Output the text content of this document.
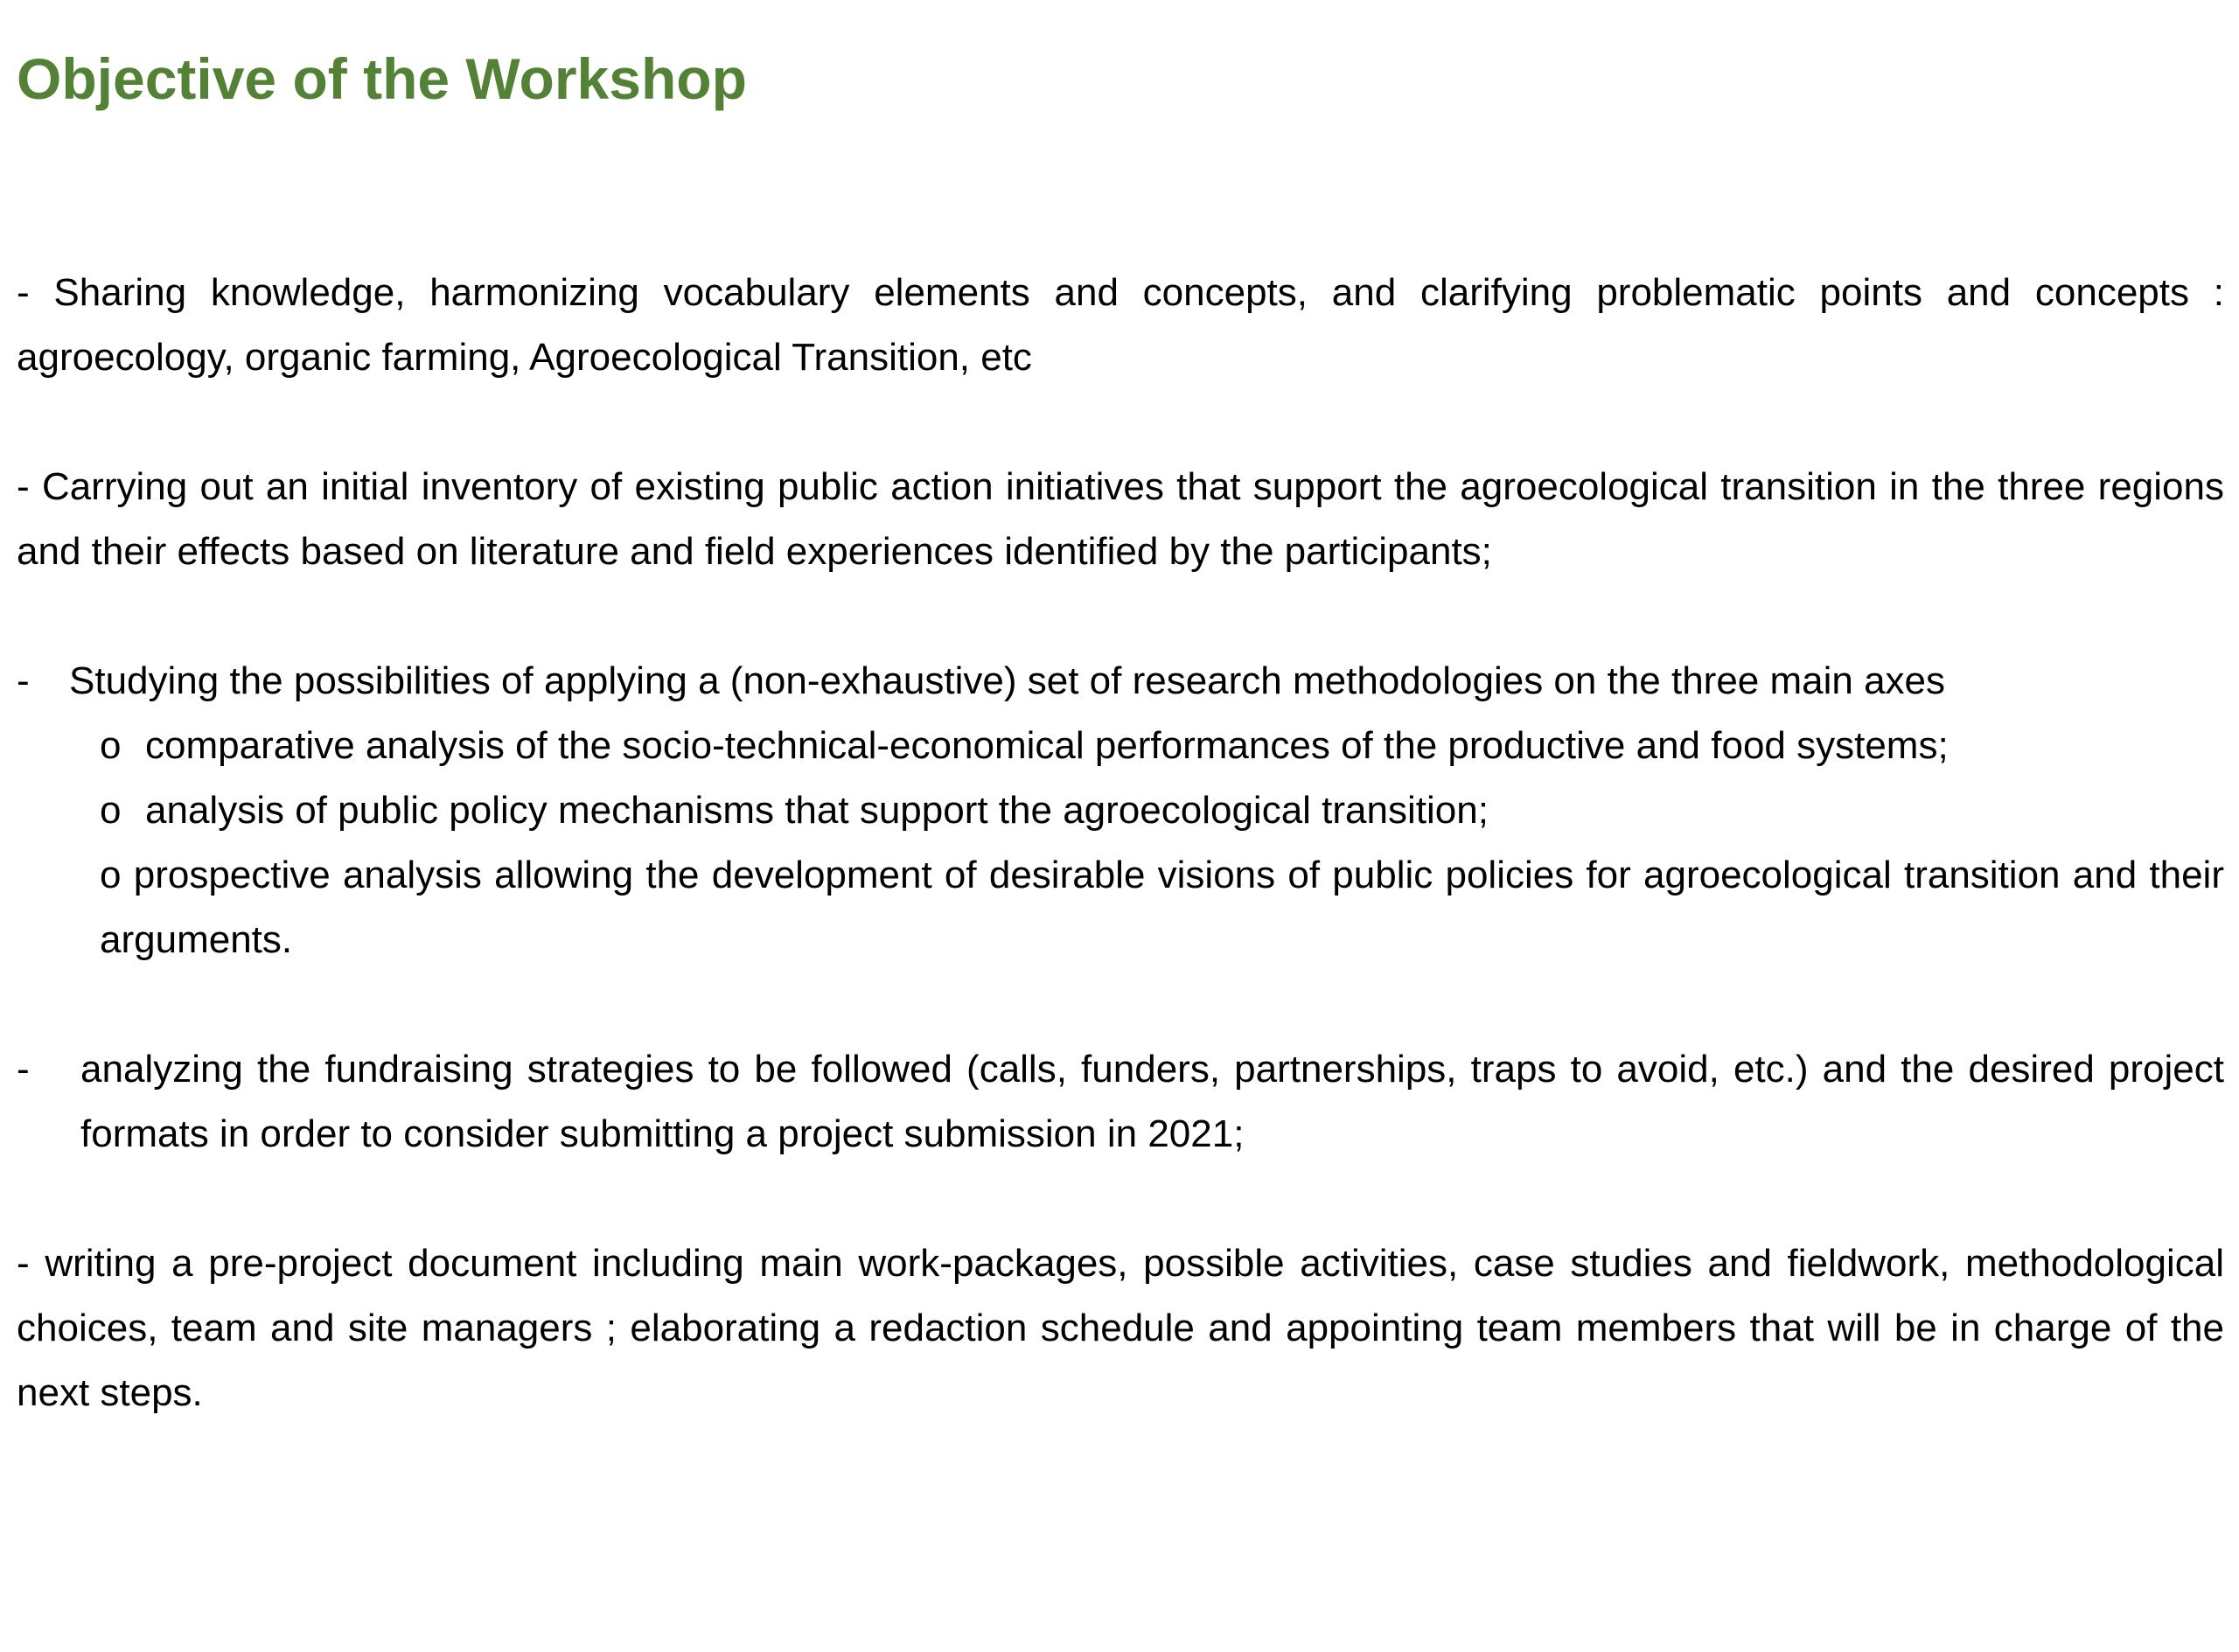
Objective of the Workshop

- Sharing knowledge, harmonizing vocabulary elements and concepts, and clarifying problematic points and concepts : agroecology, organic farming, Agroecological Transition, etc

- Carrying out an initial inventory of existing public action initiatives that support the agroecological transition in the three regions and their effects based on literature and field experiences identified by the participants;

-	Studying the possibilities of applying a (non-exhaustive) set of research methodologies on the three main axes
o comparative analysis of the socio-technical-economical performances of the productive and food systems;
o analysis of public policy mechanisms that support the agroecological transition;

o prospective analysis allowing the development of desirable visions of public policies for agroecological transition and their arguments.

-	analyzing the fundraising strategies to be followed (calls, funders, partnerships, traps to avoid, etc.) and the desired project formats in order to consider submitting a project submission in 2021;

- writing a pre-project document including main work-packages, possible activities, case studies and fieldwork, methodological choices, team and site managers ; elaborating a redaction schedule and appointing team members that will be in charge of the next steps.
